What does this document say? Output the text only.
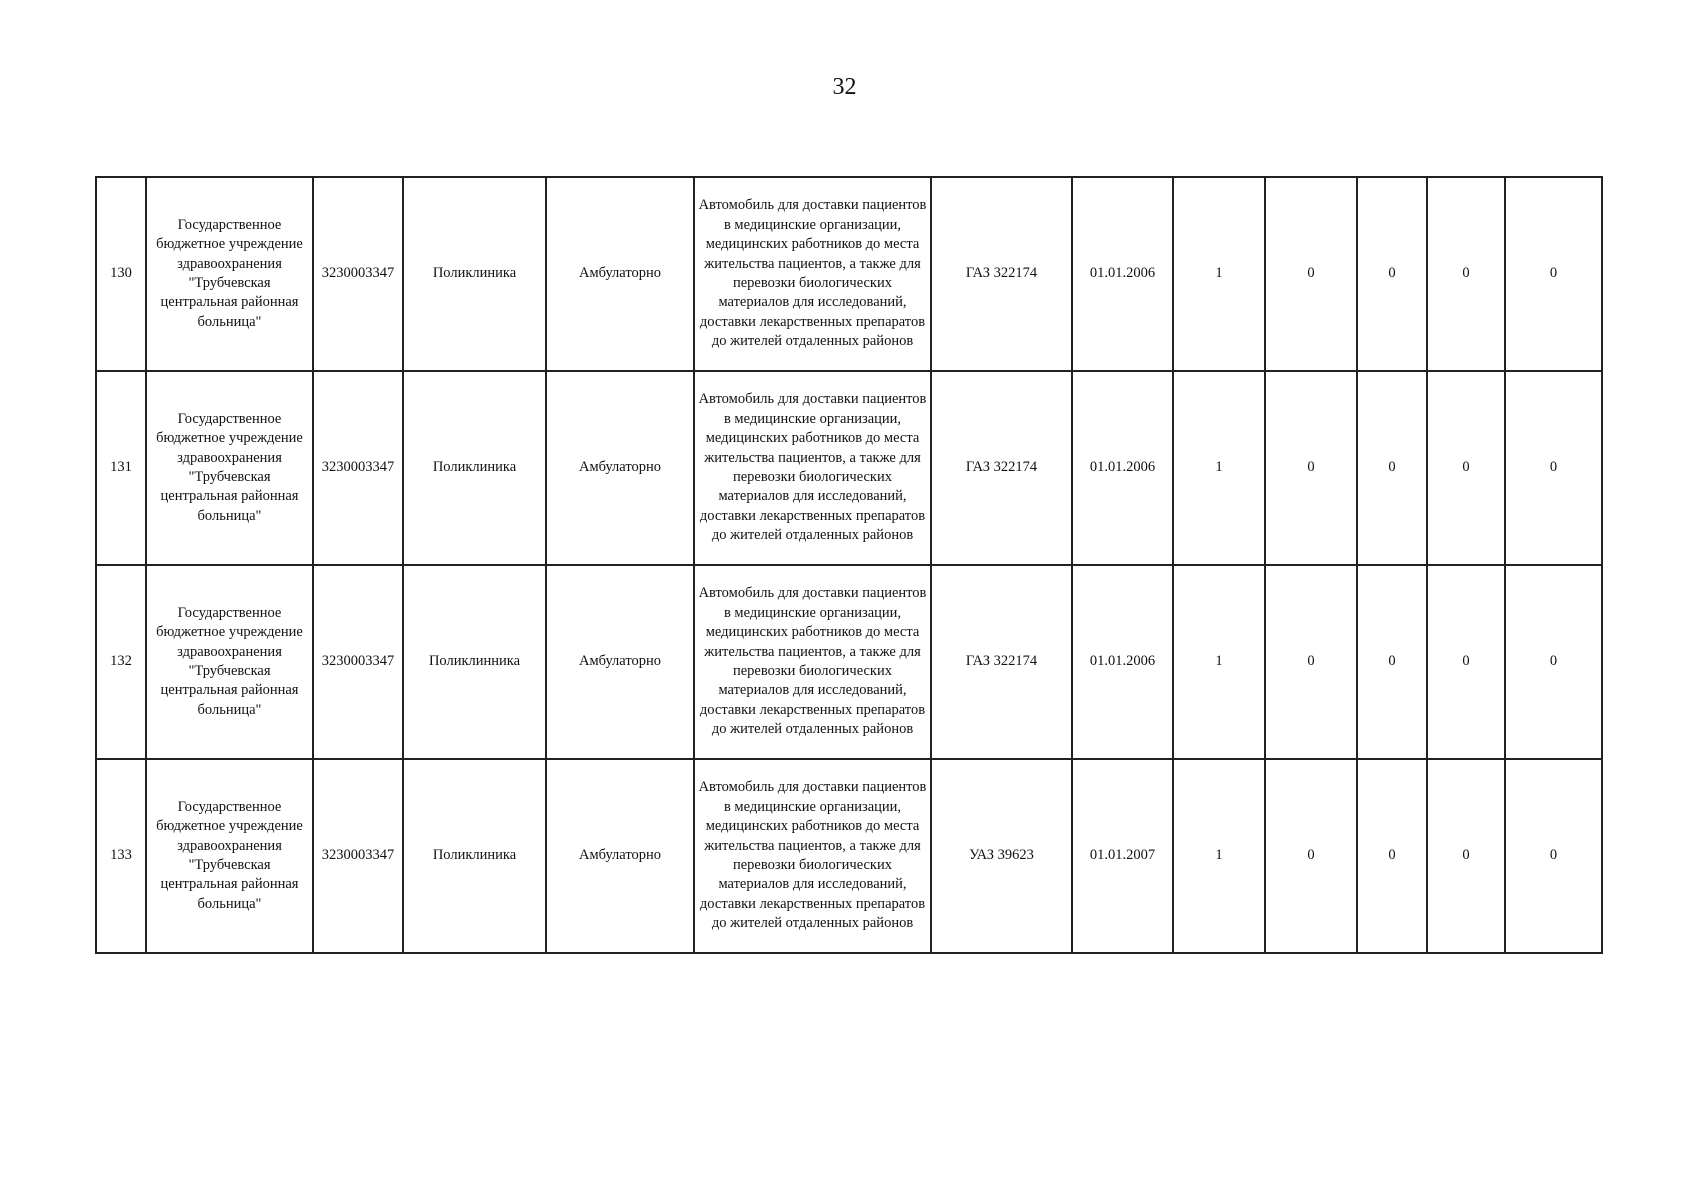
32
130	Государственное бюджетное учреждение здравоохранения "Трубчевская центральная районная больница"	3230003347	Поликлиника	Амбулаторно	Автомобиль для доставки пациентов в медицинские организации, медицинских работников до места жительства пациентов, а также для перевозки биологических материалов для исследований, доставки лекарственных препаратов до жителей отдаленных районов	ГАЗ 322174	01.01.2006	1	0	0	0	0
131	Государственное бюджетное учреждение здравоохранения "Трубчевская центральная районная больница"	3230003347	Поликлиника	Амбулаторно	Автомобиль для доставки пациентов в медицинские организации, медицинских работников до места жительства пациентов, а также для перевозки биологических материалов для исследований, доставки лекарственных препаратов до жителей отдаленных районов	ГАЗ 322174	01.01.2006	1	0	0	0	0
132	Государственное бюджетное учреждение здравоохранения "Трубчевская центральная районная больница"	3230003347	Поликлинника	Амбулаторно	Автомобиль для доставки пациентов в медицинские организации, медицинских работников до места жительства пациентов, а также для перевозки биологических материалов для исследований, доставки лекарственных препаратов до жителей отдаленных районов	ГАЗ 322174	01.01.2006	1	0	0	0	0
133	Государственное бюджетное учреждение здравоохранения "Трубчевская центральная районная больница"	3230003347	Поликлиника	Амбулаторно	Автомобиль для доставки пациентов в медицинские организации, медицинских работников до места жительства пациентов, а также для перевозки биологических материалов для исследований, доставки лекарственных препаратов до жителей отдаленных районов	УАЗ 39623	01.01.2007	1	0	0	0	0
